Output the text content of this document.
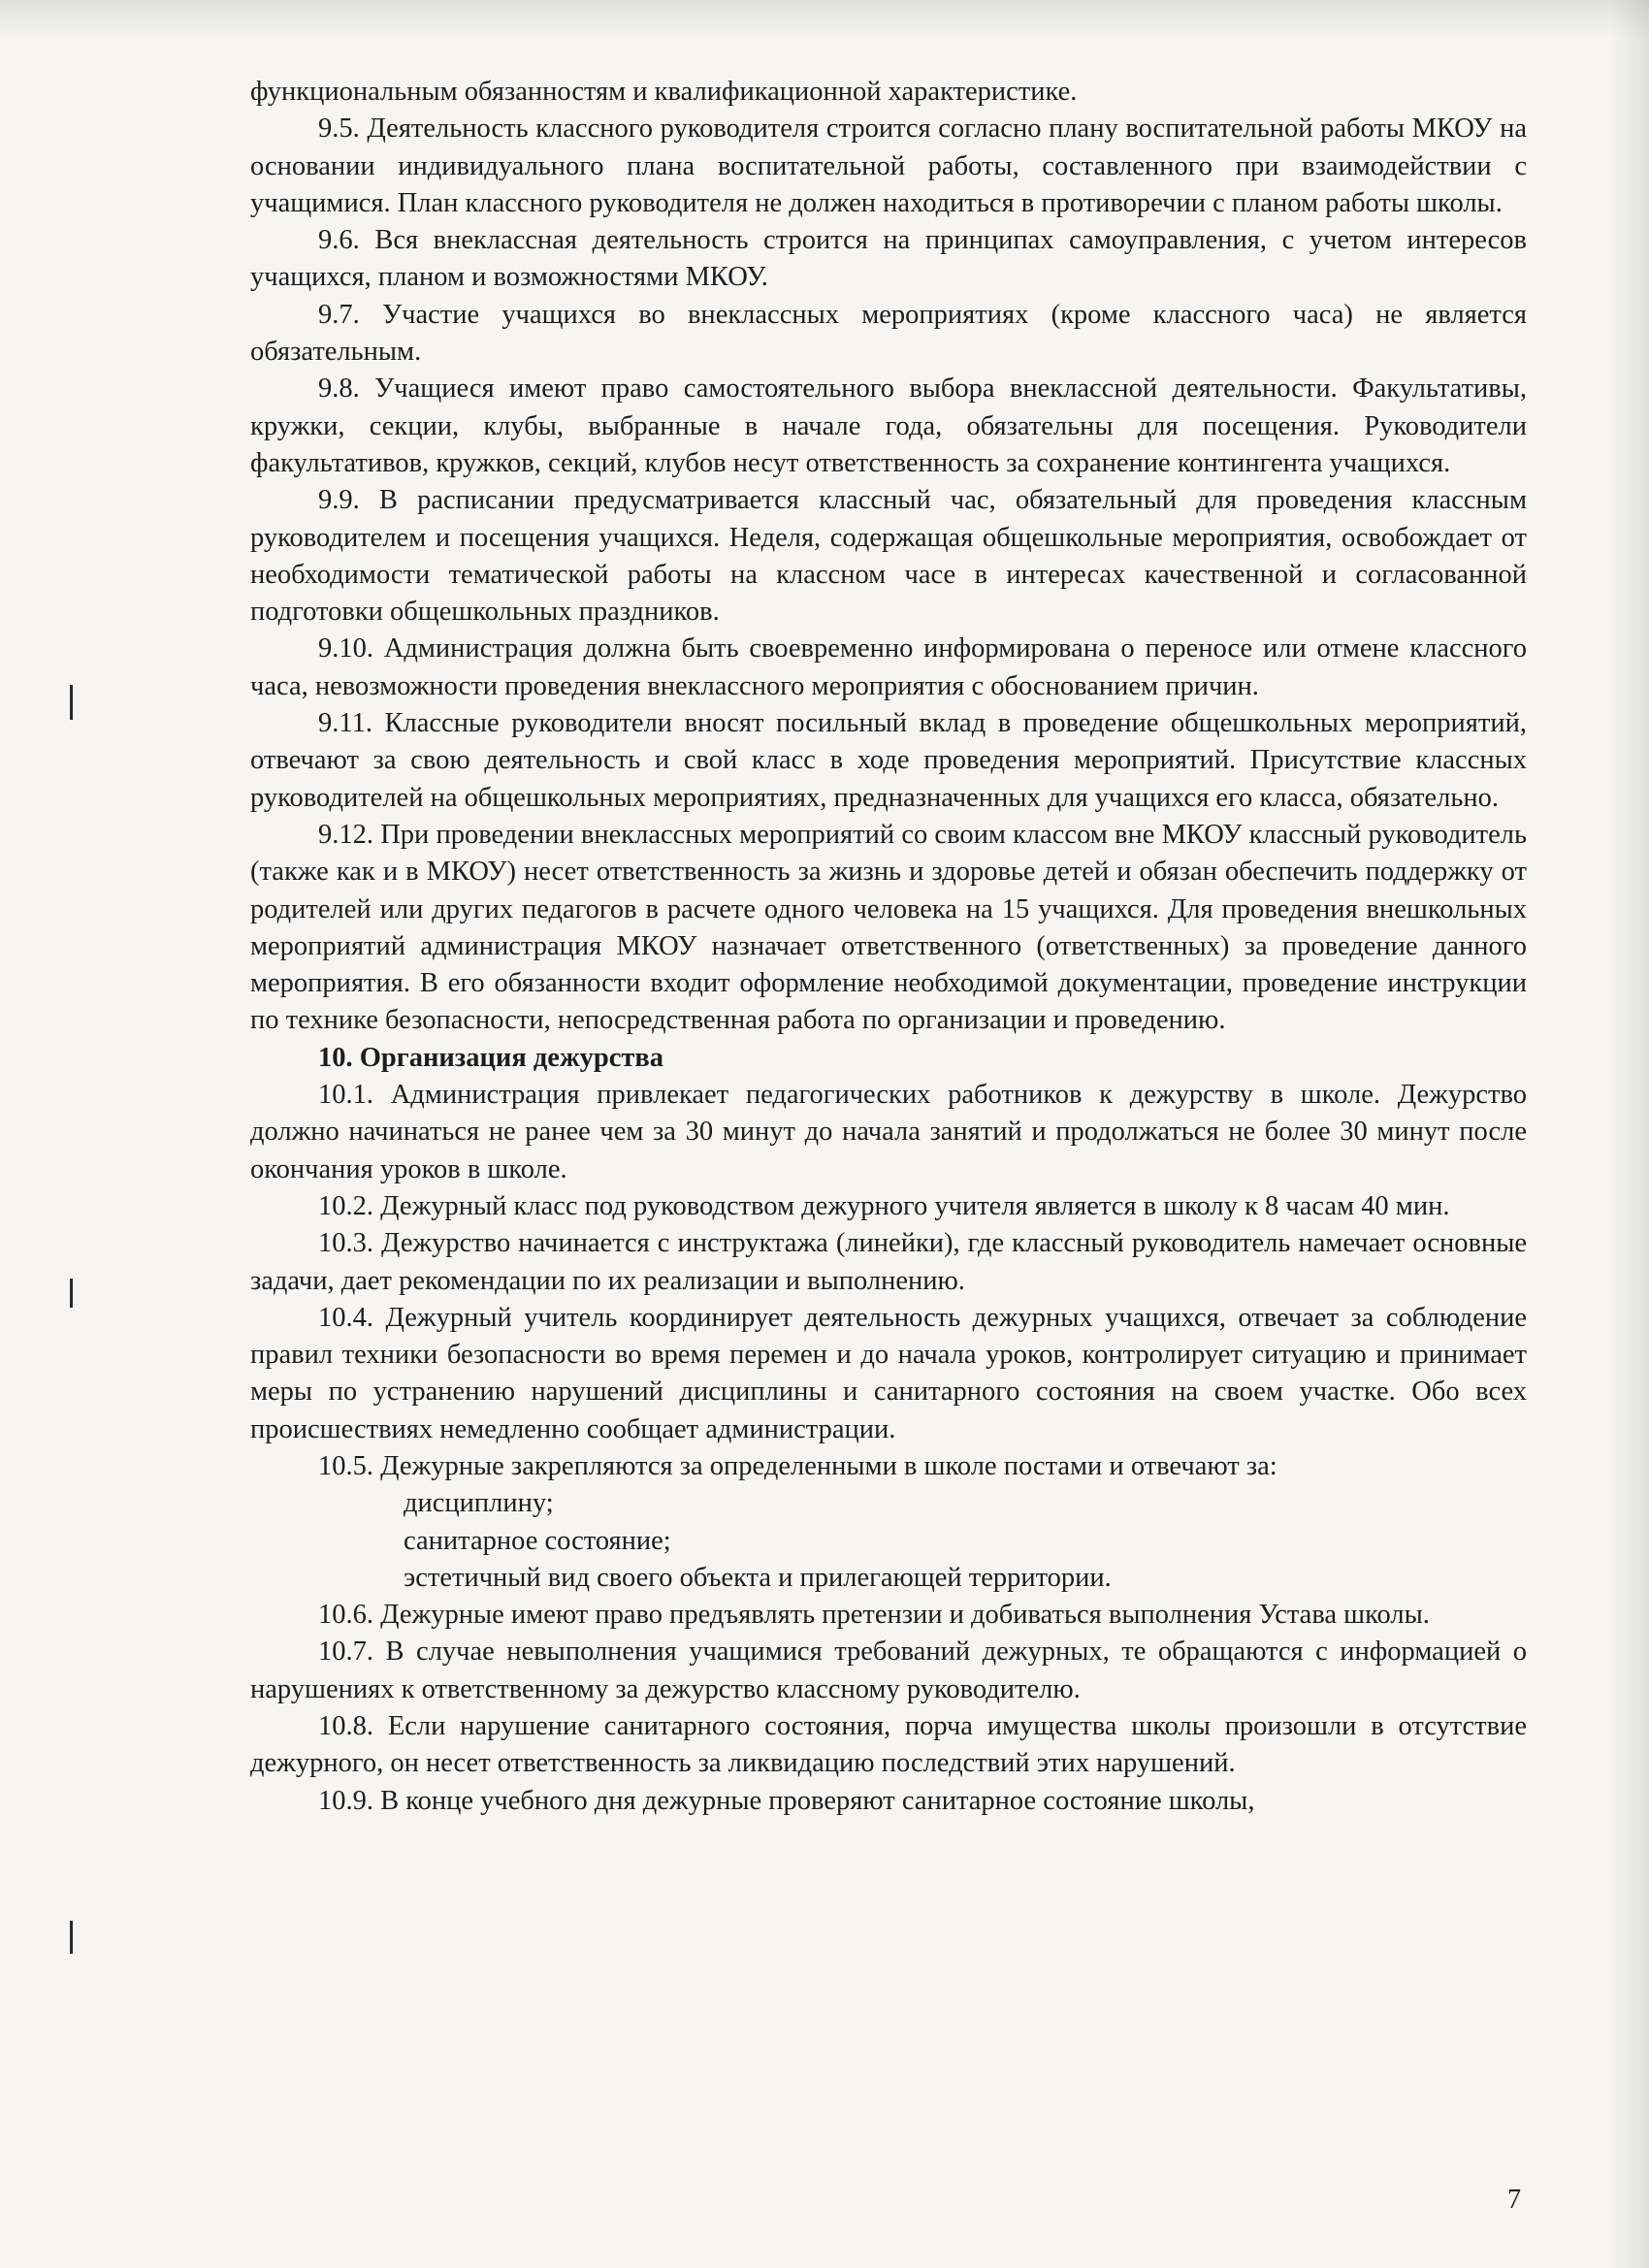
функциональным обязанностям и квалификационной характеристике.

9.5. Деятельность классного руководителя строится согласно плану воспитательной работы МКОУ на основании индивидуального плана воспитательной работы, составленного при взаимодействии с учащимися. План классного руководителя не должен находиться в противоречии с планом работы школы.

9.6. Вся внеклассная деятельность строится на принципах самоуправления, с учетом интересов учащихся, планом и возможностями МКОУ.

9.7. Участие учащихся во внеклассных мероприятиях (кроме классного часа) не является обязательным.

9.8. Учащиеся имеют право самостоятельного выбора внеклассной деятельности. Факультативы, кружки, секции, клубы, выбранные в начале года, обязательны для посещения. Руководители факультативов, кружков, секций, клубов несут ответственность за сохранение контингента учащихся.

9.9. В расписании предусматривается классный час, обязательный для проведения классным руководителем и посещения учащихся. Неделя, содержащая общешкольные мероприятия, освобождает от необходимости тематической работы на классном часе в интересах качественной и согласованной подготовки общешкольных праздников.

9.10. Администрация должна быть своевременно информирована о переносе или отмене классного часа, невозможности проведения внеклассного мероприятия с обоснованием причин.

9.11. Классные руководители вносят посильный вклад в проведение общешкольных мероприятий, отвечают за свою деятельность и свой класс в ходе проведения мероприятий. Присутствие классных руководителей на общешкольных мероприятиях, предназначенных для учащихся его класса, обязательно.

9.12. При проведении внеклассных мероприятий со своим классом вне МКОУ классный руководитель (также как и в МКОУ) несет ответственность за жизнь и здоровье детей и обязан обеспечить поддержку от родителей или других педагогов в расчете одного человека на 15 учащихся. Для проведения внешкольных мероприятий администрация МКОУ назначает ответственного (ответственных) за проведение данного мероприятия. В его обязанности входит оформление необходимой документации, проведение инструкции по технике безопасности, непосредственная работа по организации и проведению.

10. Организация дежурства

10.1. Администрация привлекает педагогических работников к дежурству в школе. Дежурство должно начинаться не ранее чем за 30 минут до начала занятий и продолжаться не более 30 минут после окончания уроков в школе.

10.2. Дежурный класс под руководством дежурного учителя является в школу к 8 часам 40 мин.

10.3. Дежурство начинается с инструктажа (линейки), где классный руководитель намечает основные задачи, дает рекомендации по их реализации и выполнению.

10.4. Дежурный учитель координирует деятельность дежурных учащихся, отвечает за соблюдение правил техники безопасности во время перемен и до начала уроков, контролирует ситуацию и принимает меры по устранению нарушений дисциплины и санитарного состояния на своем участке. Обо всех происшествиях немедленно сообщает администрации.

10.5. Дежурные закрепляются за определенными в школе постами и отвечают за:

дисциплину;

санитарное состояние;

эстетичный вид своего объекта и прилегающей территории.

10.6. Дежурные имеют право предъявлять претензии и добиваться выполнения Устава школы.

10.7. В случае невыполнения учащимися требований дежурных, те обращаются с информацией о нарушениях к ответственному за дежурство классному руководителю.

10.8. Если нарушение санитарного состояния, порча имущества школы произошли в отсутствие дежурного, он несет ответственность за ликвидацию последствий этих нарушений.

10.9. В конце учебного дня дежурные проверяют санитарное состояние школы,

7
